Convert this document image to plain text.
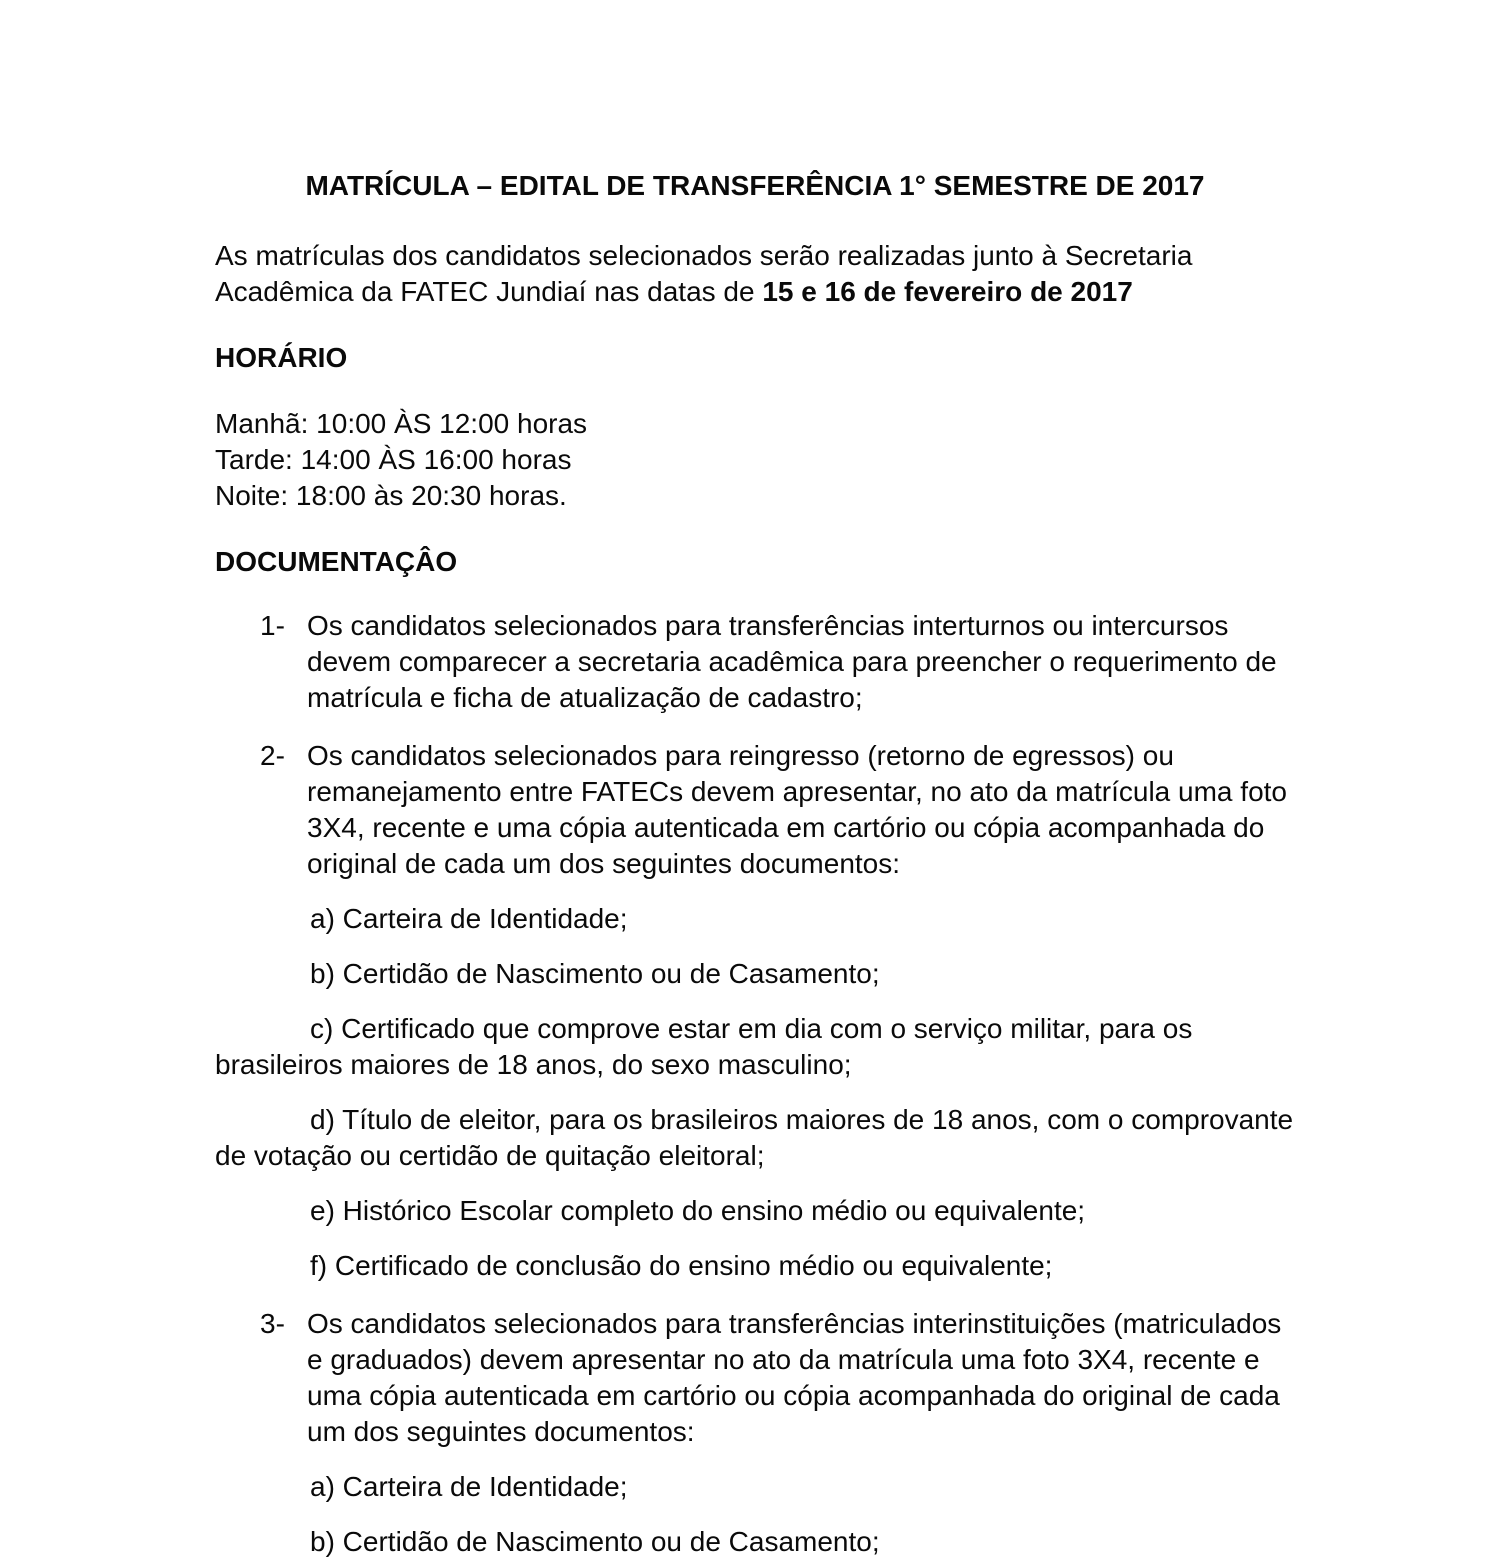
MATRÍCULA – EDITAL DE TRANSFERÊNCIA 1° SEMESTRE DE 2017

As matrículas dos candidatos selecionados serão realizadas junto à Secretaria Acadêmica da FATEC Jundiaí nas datas de 15 e 16 de fevereiro de 2017

HORÁRIO
Manhã: 10:00 ÀS 12:00 horas
Tarde: 14:00 ÀS 16:00 horas
Noite: 18:00 às 20:30 horas.
DOCUMENTAÇÂO
1- Os candidatos selecionados para transferências interturnos ou intercursos devem comparecer a secretaria acadêmica para preencher o requerimento de matrícula e ficha de atualização de cadastro;
2- Os candidatos selecionados para reingresso (retorno de egressos) ou remanejamento entre FATECs devem apresentar, no ato da matrícula uma foto 3X4, recente e uma cópia autenticada em cartório ou cópia acompanhada do original de cada um dos seguintes documentos:

a) Carteira de Identidade;

b) Certidão de Nascimento ou de Casamento;

c) Certificado que comprove estar em dia com o serviço militar, para os brasileiros maiores de 18 anos, do sexo masculino;

d) Título de eleitor, para os brasileiros maiores de 18 anos, com o comprovante de votação ou certidão de quitação eleitoral;

e) Histórico Escolar completo do ensino médio ou equivalente;

f) Certificado de conclusão do ensino médio ou equivalente;

3- Os candidatos selecionados para transferências interinstituições (matriculados e graduados) devem apresentar no ato da matrícula uma foto 3X4, recente e uma cópia autenticada em cartório ou cópia acompanhada do original de cada um dos seguintes documentos:

a) Carteira de Identidade;

b) Certidão de Nascimento ou de Casamento;
